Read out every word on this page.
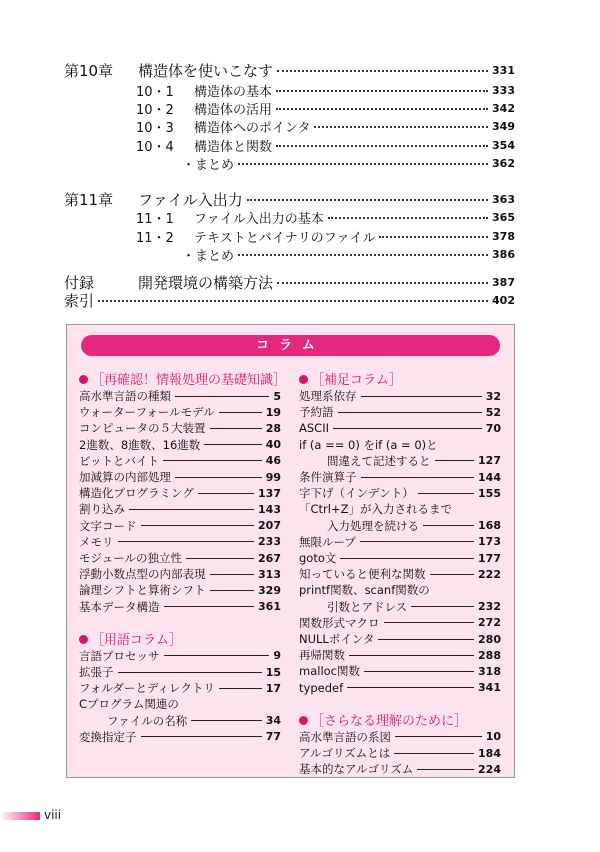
第10章	構造体を使いこなす	331
10・1	構造体の基本	333
10・2	構造体の活用	342
10・3	構造体へのポインタ	349
10・4	構造体と関数	354
・まとめ	362
第11章	ファイル入出力	363
11・1	ファイル入出力の基本	365
11・2	テキストとバイナリのファイル	378
・まとめ	386
付録	開発環境の構築方法	387
索引	402
コラム
［再確認！情報処理の基礎知識］
高水準言語の種類	5
ウォーターフォールモデル	19
コンピュータの５大装置	28
2進数、8進数、16進数	40
ビットとバイト	46
加減算の内部処理	99
構造化プログラミング	137
割り込み	143
文字コード	207
メモリ	233
モジュールの独立性	267
浮動小数点型の内部表現	313
論理シフトと算術シフト	329
基本データ構造	361
［用語コラム］
言語プロセッサ	9
拡張子	15
フォルダーとディレクトリ	17
Cプログラム関連の
ファイルの名称	34
変換指定子	77
［補足コラム］
処理系依存	32
予約語	52
ASCII	70
if (a == 0) をif (a = 0)と
間違えて記述すると	127
条件演算子	144
字下げ（インデント）	155
「Ctrl+Z」が入力されるまで
入力処理を続ける	168
無限ループ	173
goto文	177
知っていると便利な関数	222
printf関数、scanf関数の
引数とアドレス	232
関数形式マクロ	272
NULLポインタ	280
再帰関数	288
malloc関数	318
typedef	341
［さらなる理解のために］
高水準言語の系図	10
アルゴリズムとは	184
基本的なアルゴリズム	224
viii
